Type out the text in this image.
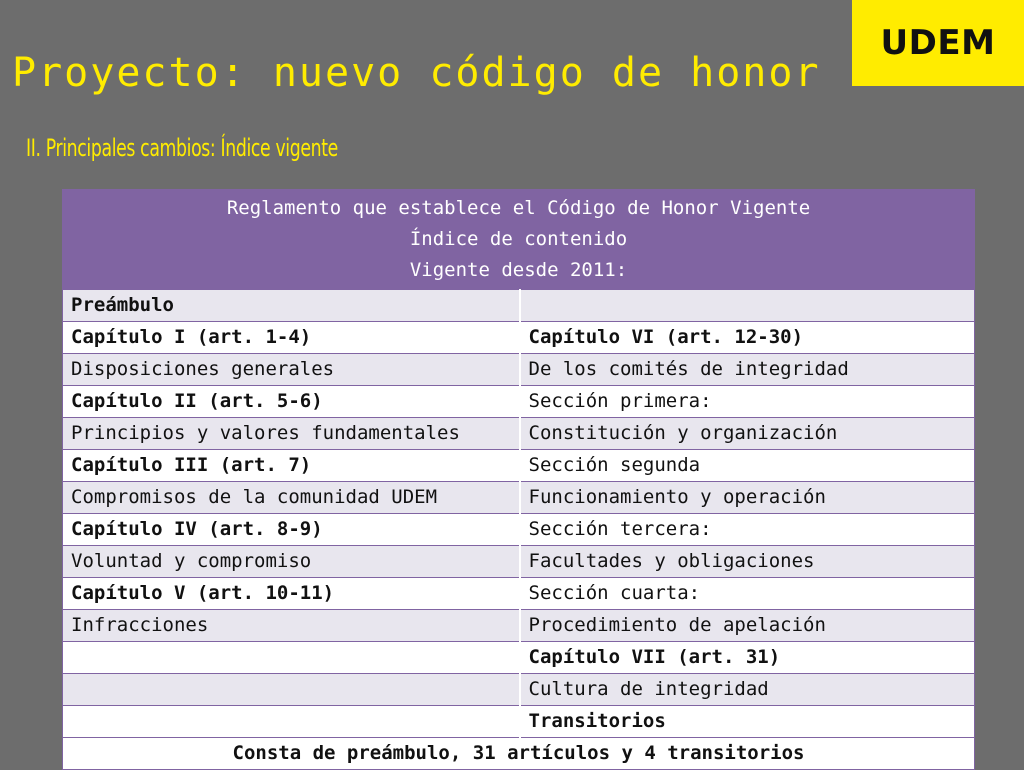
UDEM
Proyecto: nuevo código de honor
II. Principales cambios: Índice vigente
Reglamento que establece el Código de Honor Vigente
Índice de contenido
Vigente desde 2011:	

Preámbulo	
Capítulo I (art. 1-4)	Capítulo VI (art. 12-30)
Disposiciones generales	De los comités de integridad
Capítulo II (art. 5-6)	Sección primera:
Principios y valores fundamentales	Constitución y organización
Capítulo III (art. 7)	Sección segunda
Compromisos de la comunidad UDEM	Funcionamiento y operación
Capítulo IV (art. 8-9)	Sección tercera:
Voluntad y compromiso	Facultades y obligaciones
Capítulo V (art. 10-11)	Sección cuarta:
Infracciones	Procedimiento de apelación
	Capítulo VII (art. 31)
	Cultura de integridad
	Transitorios
Consta de preámbulo, 31 artículos y 4 transitorios	
